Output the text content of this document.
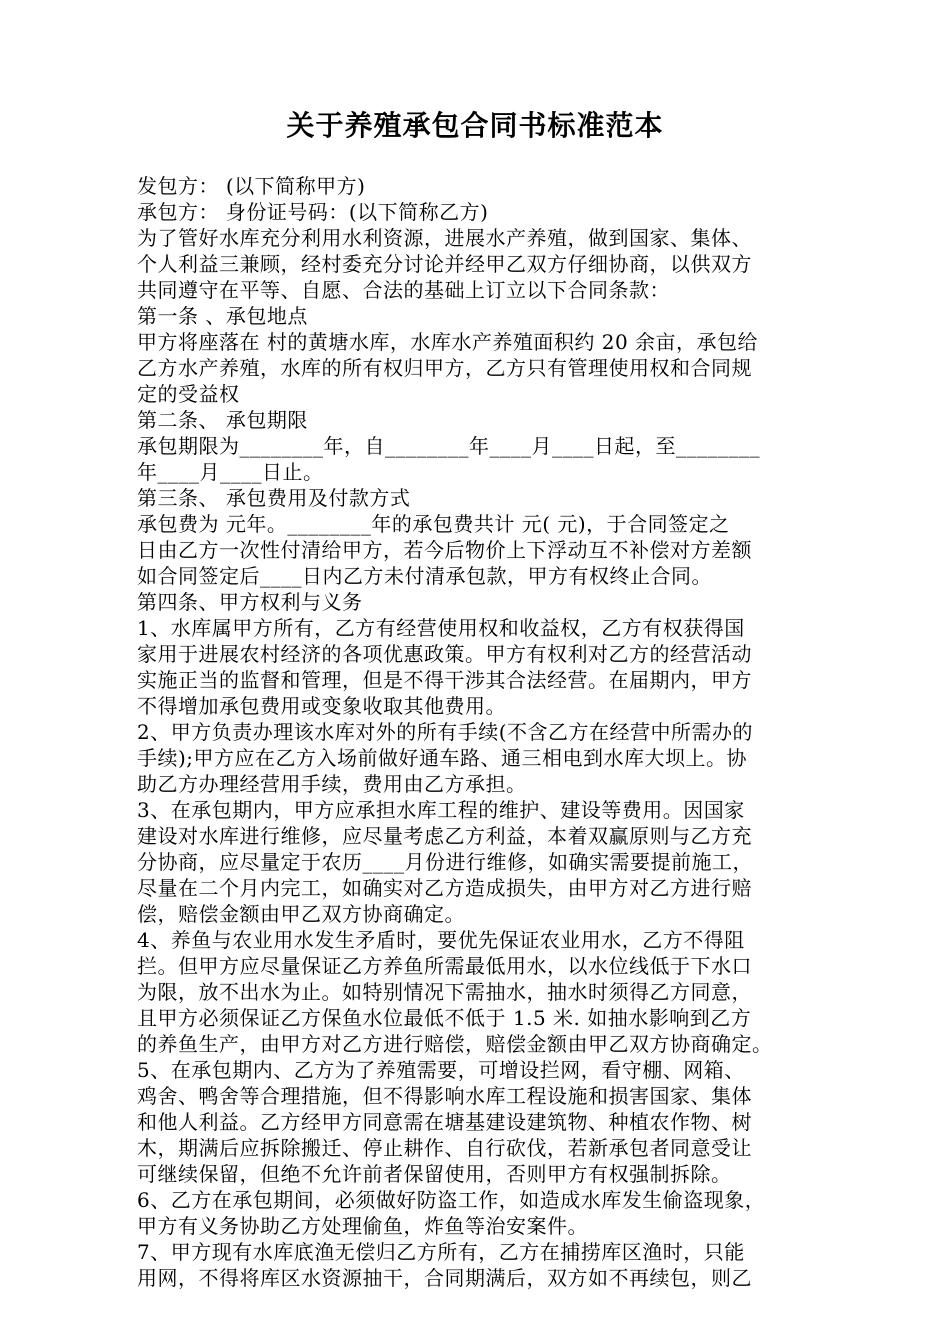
关于养殖承包合同书标准范本
发包方： (以下简称甲方)
承包方： 身份证号码：(以下简称乙方)
为了管好水库充分利用水利资源，进展水产养殖，做到国家、集体、
个人利益三兼顾，经村委充分讨论并经甲乙双方仔细协商，以供双方
共同遵守在平等、自愿、合法的基础上订立以下合同条款：
第一条 、承包地点
甲方将座落在 村的黄塘水库，水库水产养殖面积约 20 余亩，承包给
乙方水产养殖，水库的所有权归甲方，乙方只有管理使用权和合同规
定的受益权
第二条、 承包期限
承包期限为________年，自________年____月____日起，至________
年____月____日止。
第三条、 承包费用及付款方式
承包费为 元年。________年的承包费共计 元( 元)，于合同签定之
日由乙方一次性付清给甲方，若今后物价上下浮动互不补偿对方差额
如合同签定后____日内乙方未付清承包款，甲方有权终止合同。
第四条、甲方权利与义务
1、水库属甲方所有，乙方有经营使用权和收益权，乙方有权获得国
家用于进展农村经济的各项优惠政策。甲方有权利对乙方的经营活动
实施正当的监督和管理，但是不得干涉其合法经营。在届期内，甲方
不得增加承包费用或变象收取其他费用。
2、甲方负责办理该水库对外的所有手续(不含乙方在经营中所需办的
手续);甲方应在乙方入场前做好通车路、通三相电到水库大坝上。协
助乙方办理经营用手续，费用由乙方承担。
3、在承包期内，甲方应承担水库工程的维护、建设等费用。因国家
建设对水库进行维修，应尽量考虑乙方利益，本着双赢原则与乙方充
分协商，应尽量定于农历____月份进行维修，如确实需要提前施工，
尽量在二个月内完工，如确实对乙方造成损失，由甲方对乙方进行赔
偿，赔偿金额由甲乙双方协商确定。
4、养鱼与农业用水发生矛盾时，要优先保证农业用水，乙方不得阻
拦。但甲方应尽量保证乙方养鱼所需最低用水，以水位线低于下水口
为限，放不出水为止。如特别情况下需抽水，抽水时须得乙方同意，
且甲方必须保证乙方保鱼水位最低不低于 1.5 米. 如抽水影响到乙方
的养鱼生产，由甲方对乙方进行赔偿，赔偿金额由甲乙双方协商确定。
5、在承包期内、乙方为了养殖需要，可增设拦网，看守棚、网箱、
鸡舍、鸭舍等合理措施，但不得影响水库工程设施和损害国家、集体
和他人利益。乙方经甲方同意需在塘基建设建筑物、种植农作物、树
木，期满后应拆除搬迁、停止耕作、自行砍伐，若新承包者同意受让
可继续保留，但绝不允许前者保留使用，否则甲方有权强制拆除。
6、乙方在承包期间，必须做好防盗工作，如造成水库发生偷盗现象，
甲方有义务协助乙方处理偷鱼，炸鱼等治安案件。
7、甲方现有水库底渔无偿归乙方所有，乙方在捕捞库区渔时，只能
用网，不得将库区水资源抽干，合同期满后，双方如不再续包，则乙
